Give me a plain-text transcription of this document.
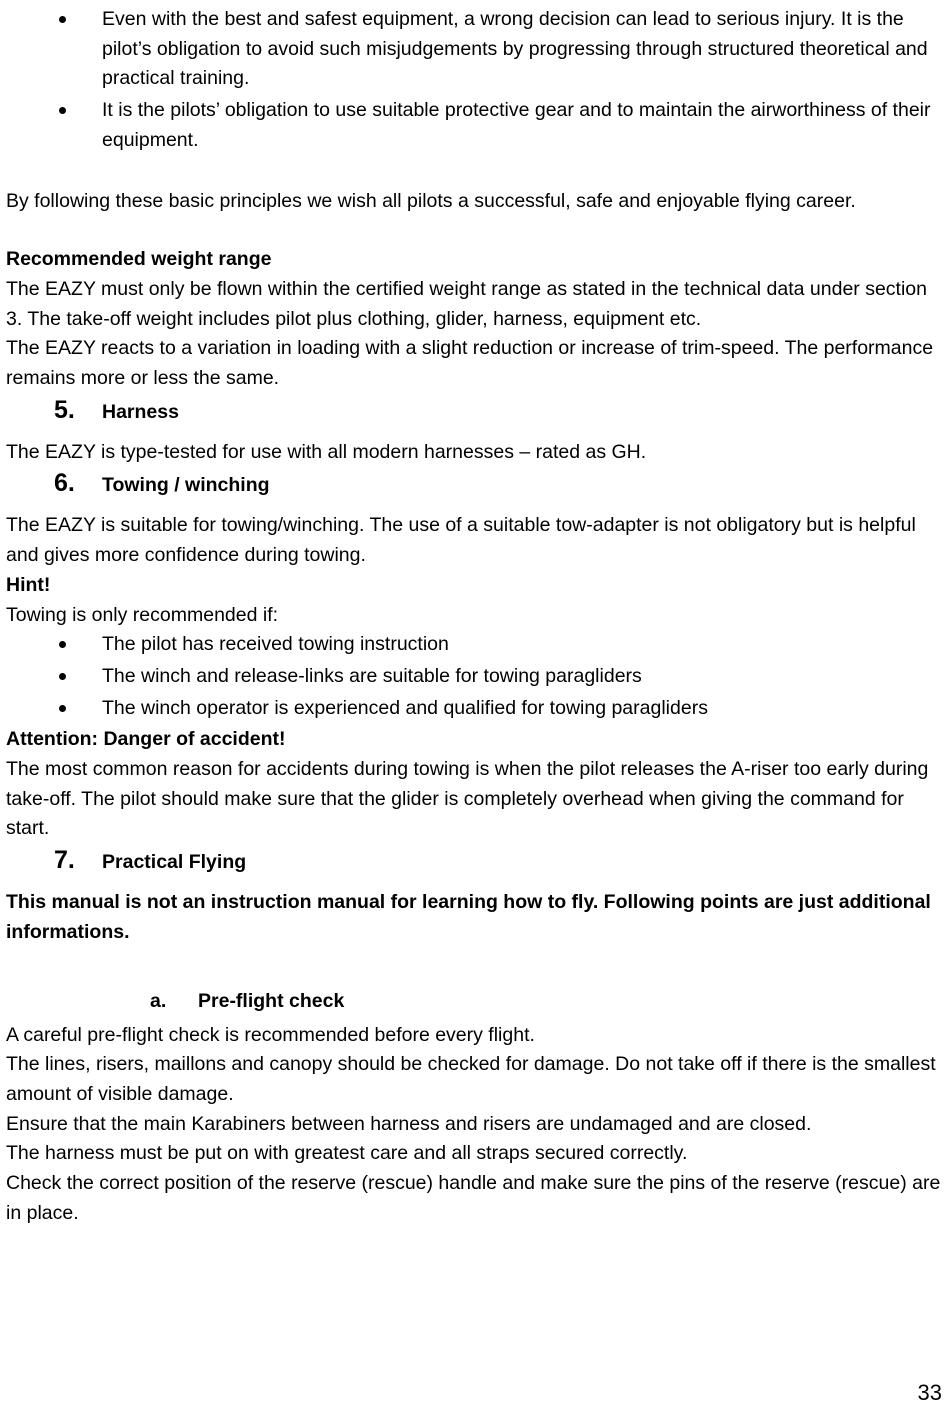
Even with the best and safest equipment, a wrong decision can lead to serious injury. It is the pilot’s obligation to avoid such misjudgements by progressing through structured theoretical and practical training.
It is the pilots’ obligation to use suitable protective gear and to maintain the airworthiness of their equipment.

By following these basic principles we wish all pilots a successful, safe and enjoyable flying career.

Recommended weight range

The EAZY must only be flown within the certified weight range as stated in the technical data under section 3. The take-off weight includes pilot plus clothing, glider, harness, equipment etc.

The EAZY reacts to a variation in loading with a slight reduction or increase of trim-speed. The performance remains more or less the same.

5.	Harness

The EAZY is type-tested for use with all modern harnesses – rated as GH.

6.	Towing / winching

The EAZY is suitable for towing/winching. The use of a suitable tow-adapter is not obligatory but is helpful and gives more confidence during towing.

Hint!

Towing is only recommended if:

The pilot has received towing instruction
The winch and release-links are suitable for towing paragliders
The winch operator is experienced and qualified for towing paragliders

Attention: Danger of accident!

The most common reason for accidents during towing is when the pilot releases the A-riser too early during take-off. The pilot should make sure that the glider is completely overhead when giving the command for start.

7.	Practical Flying

This manual is not an instruction manual for learning how to fly. Following points are just additional informations.

a.	Pre-flight check

A careful pre-flight check is recommended before every flight.

The lines, risers, maillons and canopy should be checked for damage. Do not take off if there is the smallest amount of visible damage.

Ensure that the main Karabiners between harness and risers are undamaged and are closed.

The harness must be put on with greatest care and all straps secured correctly.

Check the correct position of the reserve (rescue) handle and make sure the pins of the reserve (rescue) are in place.

33
